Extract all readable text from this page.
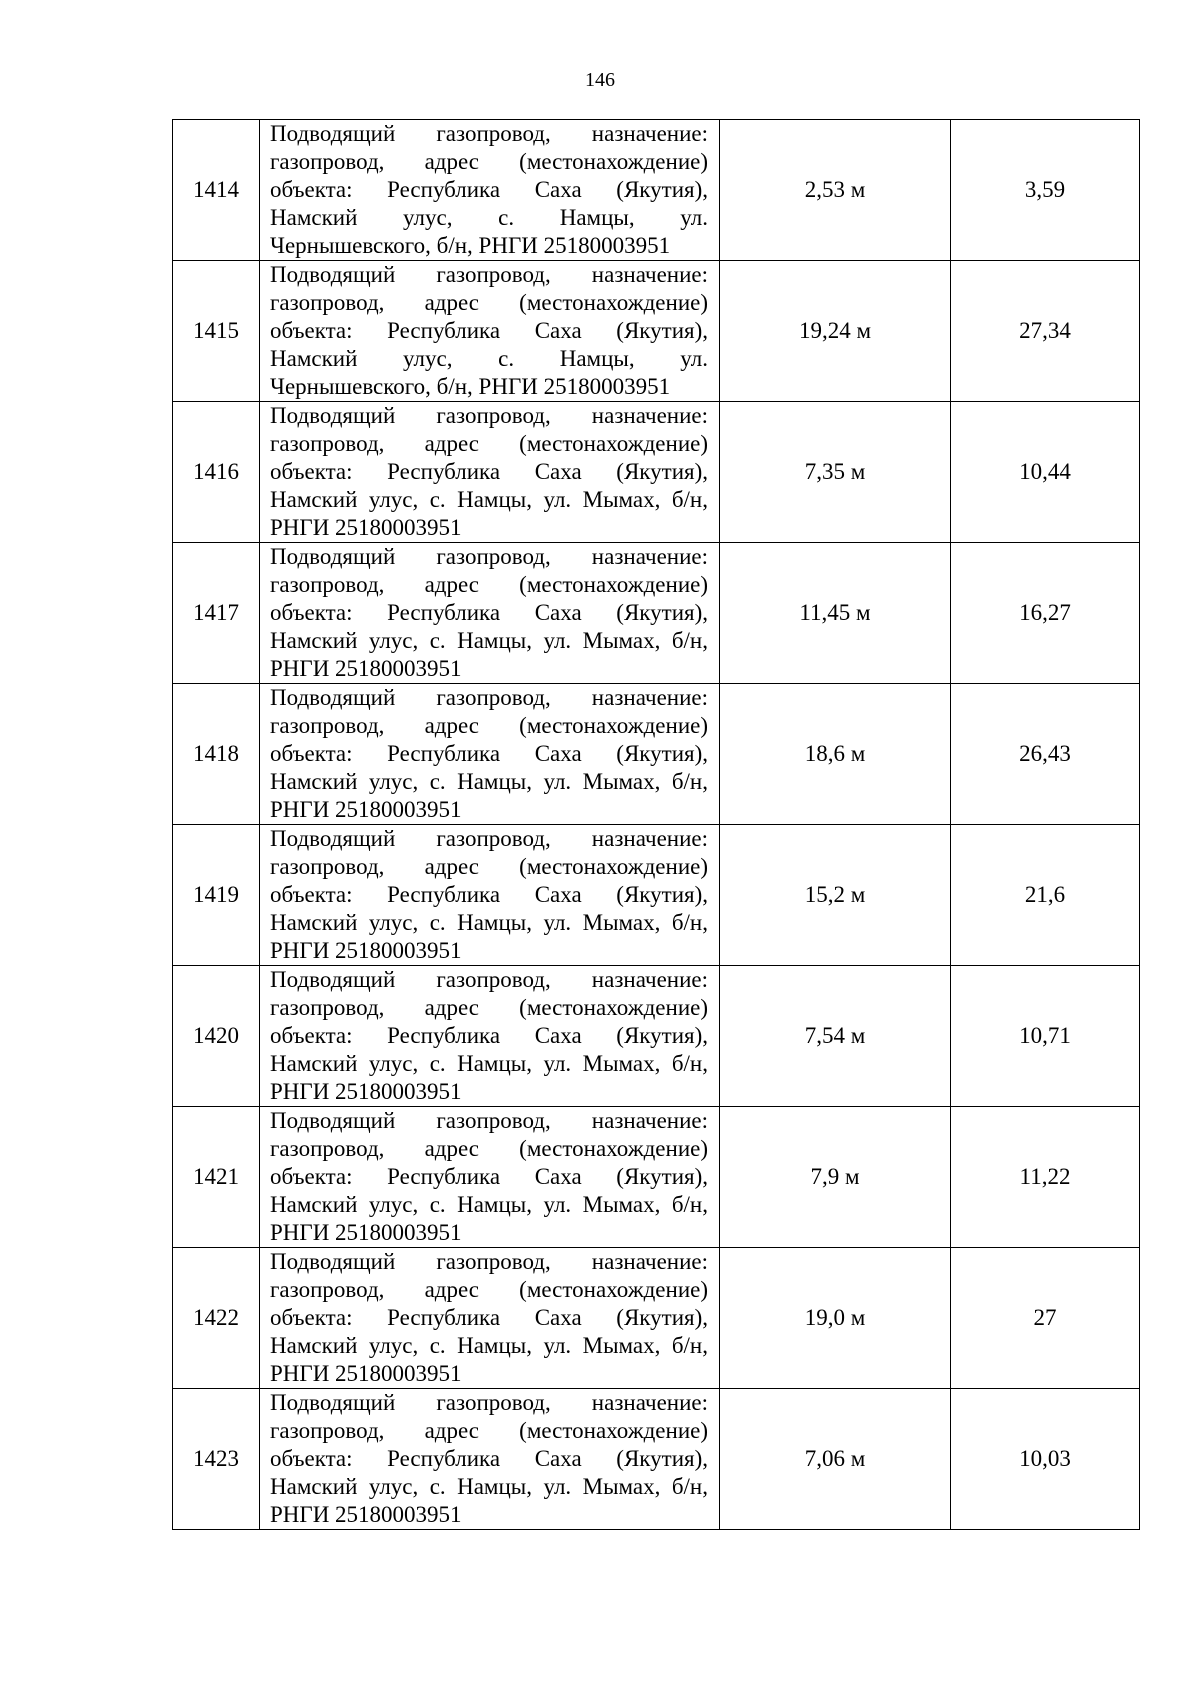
146
1414	Подводящий газопровод, назначение: газопровод, адрес (местонахождение) объекта: Республика Саха (Якутия), Намский улус, с. Намцы, ул. Чернышевского, б/н, РНГИ 25180003951	2,53 м	3,59
1415	Подводящий газопровод, назначение: газопровод, адрес (местонахождение) объекта: Республика Саха (Якутия), Намский улус, с. Намцы, ул. Чернышевского, б/н, РНГИ 25180003951	19,24 м	27,34
1416	Подводящий газопровод, назначение: газопровод, адрес (местонахождение) объекта: Республика Саха (Якутия), Намский улус, с. Намцы, ул. Мымах, б/н, РНГИ 25180003951	7,35 м	10,44
1417	Подводящий газопровод, назначение: газопровод, адрес (местонахождение) объекта: Республика Саха (Якутия), Намский улус, с. Намцы, ул. Мымах, б/н, РНГИ 25180003951	11,45 м	16,27
1418	Подводящий газопровод, назначение: газопровод, адрес (местонахождение) объекта: Республика Саха (Якутия), Намский улус, с. Намцы, ул. Мымах, б/н, РНГИ 25180003951	18,6 м	26,43
1419	Подводящий газопровод, назначение: газопровод, адрес (местонахождение) объекта: Республика Саха (Якутия), Намский улус, с. Намцы, ул. Мымах, б/н, РНГИ 25180003951	15,2 м	21,6
1420	Подводящий газопровод, назначение: газопровод, адрес (местонахождение) объекта: Республика Саха (Якутия), Намский улус, с. Намцы, ул. Мымах, б/н, РНГИ 25180003951	7,54 м	10,71
1421	Подводящий газопровод, назначение: газопровод, адрес (местонахождение) объекта: Республика Саха (Якутия), Намский улус, с. Намцы, ул. Мымах, б/н, РНГИ 25180003951	7,9 м	11,22
1422	Подводящий газопровод, назначение: газопровод, адрес (местонахождение) объекта: Республика Саха (Якутия), Намский улус, с. Намцы, ул. Мымах, б/н, РНГИ 25180003951	19,0 м	27
1423	Подводящий газопровод, назначение: газопровод, адрес (местонахождение) объекта: Республика Саха (Якутия), Намский улус, с. Намцы, ул. Мымах, б/н, РНГИ 25180003951	7,06 м	10,03
